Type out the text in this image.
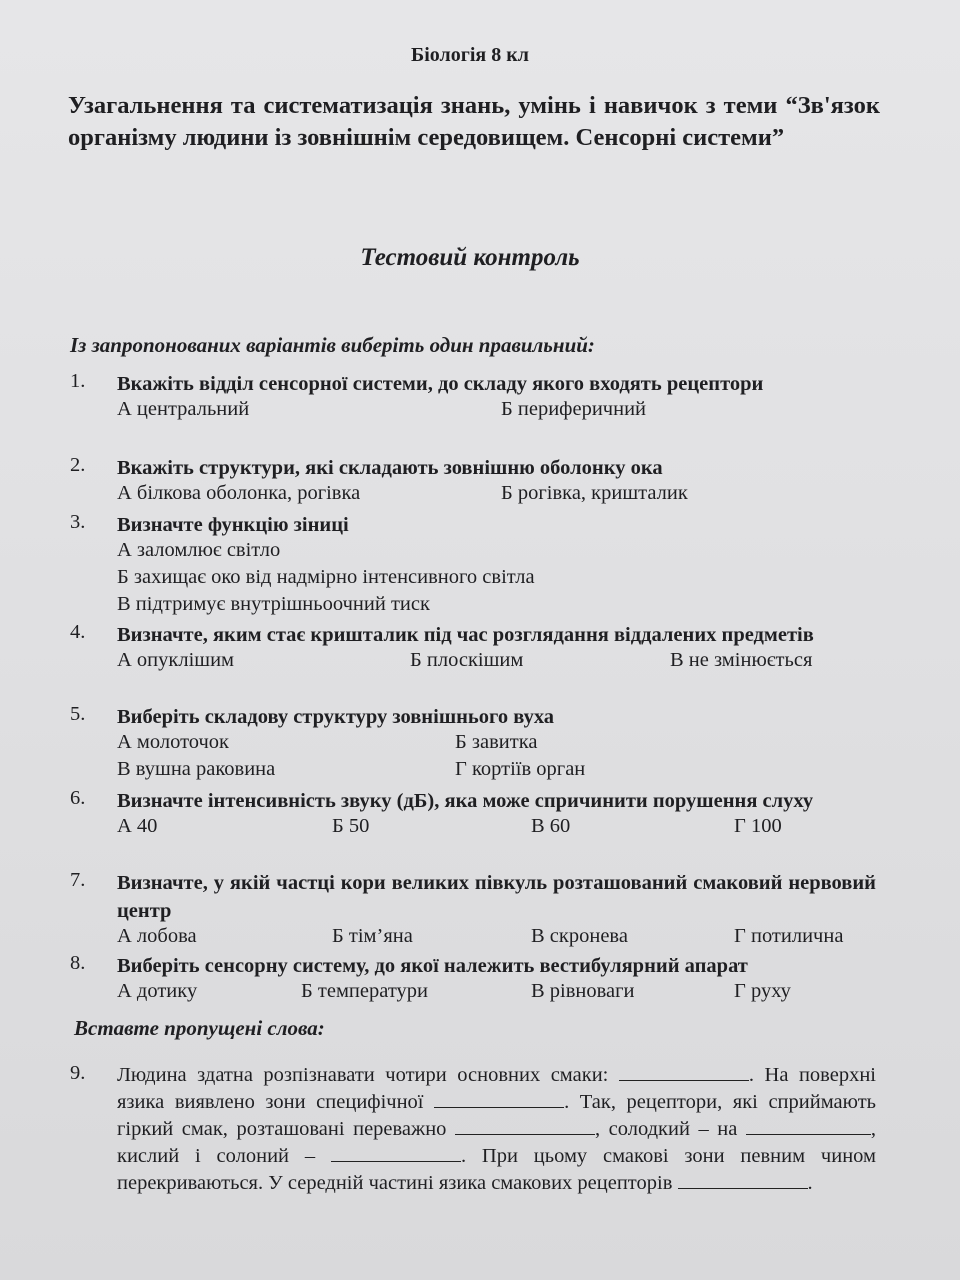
Біологія 8 кл
Узагальнення та систематизація знань, умінь і навичок з теми “Зв'язок організму людини із зовнішнім середовищем. Сенсорні системи”
Тестовий контроль
Із запропонованих варіантів виберіть один правильний:
1. Вкажіть відділ сенсорної системи, до складу якого входять рецептори
А центральний	Б периферичний
2. Вкажіть структури, які складають зовнішню оболонку ока
А білкова оболонка, рогівка	Б рогівка, кришталик
3. Визначте функцію зіниці
А заломлює світло
Б захищає око від надмірно інтенсивного світла
В підтримує внутрішньоочний тиск
4. Визначте, яким стає кришталик під час розглядання віддалених предметів
А опуклішим	Б плоскішим	В не змінюється
5. Виберіть складову структуру зовнішнього вуха
А молоточок	Б завитка
В вушна раковина	Г кортіїв орган
6. Визначте інтенсивність звуку (дБ), яка може спричинити порушення слуху
А 40	Б 50	В 60	Г 100
7. Визначте, у якій частці кори великих півкуль розташований смаковий нервовий центр
А лобова	Б тім’яна	В скронева	Г потилична
8. Виберіть сенсорну систему, до якої належить вестибулярний апарат
А дотику	Б температури	В рівноваги	Г руху
Вставте пропущені слова:
9. Людина здатна розпізнавати чотири основних смаки:	. На поверхні язика виявлено зони специфічної	. Так, рецептори, які сприймають гіркий смак, розташовані переважно	, солодкий – на	, кислий і солоний –	. При цьому смакові зони певним чином перекриваються. У середній частині язика смакових рецепторів	.
